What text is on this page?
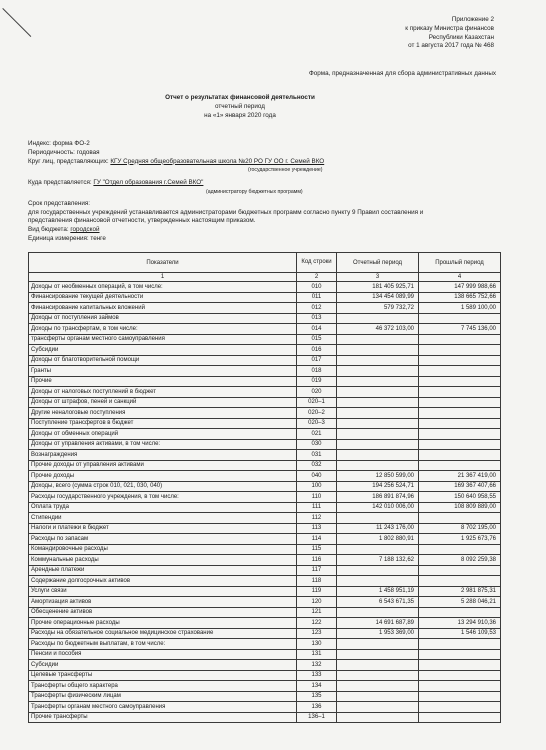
Приложение 2
к приказу Министра финансов
Республики Казахстан
от 1 августа 2017 года № 468
Форма, предназначенная для сбора административных данных
Отчет о результатах финансовой деятельности
отчетный период
на «1» января 2020 года
Индекс: форма ФО-2
Периодичность: годовая
Круг лиц, представляющих: КГУ Средняя общеобразовательная школа №20 РО ГУ ОО г. Семей ВКО
(государственное учреждение)
Куда представляется: ГУ "Отдел образования г.Семей ВКО"
(администратору бюджетных программ)
Срок представления:
для государственных учреждений устанавливается администраторами бюджетных программ согласно пункту 9 Правил составления и
представления финансовой отчетности, утвержденных настоящим приказом.
Вид бюджета: городской
Единица измерения: тенге
Показатели	Код строки	Отчетный период	Прошлый период
1	2	3	4
Доходы от необменных операций, в том числе:	010	181 405 925,71	147 999 988,66
Финансирование текущей деятельности	011	134 454 089,99	138 665 752,66
Финансирование капитальных вложений	012	579 732,72	1 589 100,00
Доходы от поступления займов	013		
Доходы по трансфертам, в том числе:	014	46 372 103,00	7 745 136,00
трансферты органам местного самоуправления	015		
Субсидии	016		
Доходы от благотворительной помощи	017		
Гранты	018		
Прочие	019		
Доходы от налоговых поступлений в бюджет	020		
Доходы от штрафов, пеней и санкций	020–1		
Другие неналоговые поступления	020–2		
Поступление трансфертов в бюджет	020–3		
Доходы от обменных операций	021		
Доходы от управления активами, в том числе:	030		
Вознаграждения	031		
Прочие доходы от управления активами	032		
Прочие доходы	040	12 850 599,00	21 367 419,00
Доходы, всего (сумма строк 010, 021, 030, 040)	100	194 256 524,71	169 367 407,66
Расходы государственного учреждения, в том числе:	110	186 891 874,96	150 640 958,55
Оплата труда	111	142 010 006,00	108 809 889,00
Стипендии	112		
Налоги и платежи в бюджет	113	11 243 176,00	8 702 195,00
Расходы по запасам	114	1 802 880,91	1 925 673,76
Командировочные расходы	115		
Коммунальные расходы	116	7 188 132,62	8 092 259,38
Арендные платежи	117		
Содержание долгосрочных активов	118		
Услуги связи	119	1 458 951,19	2 981 875,31
Амортизация активов	120	6 543 671,35	5 288 046,21
Обесценение активов	121		
Прочие операционные расходы	122	14 691 687,89	13 294 910,36
Расходы на обязательное социальное медицинское страхование	123	1 953 369,00	1 546 109,53
Расходы по бюджетным выплатам, в том числе:	130		
Пенсии и пособия	131		
Субсидии	132		
Целевые трансферты	133		
Трансферты общего характера	134		
Трансферты физическим лицам	135		
Трансферты органам местного самоуправления	136		
Прочие трансферты	136–1		
